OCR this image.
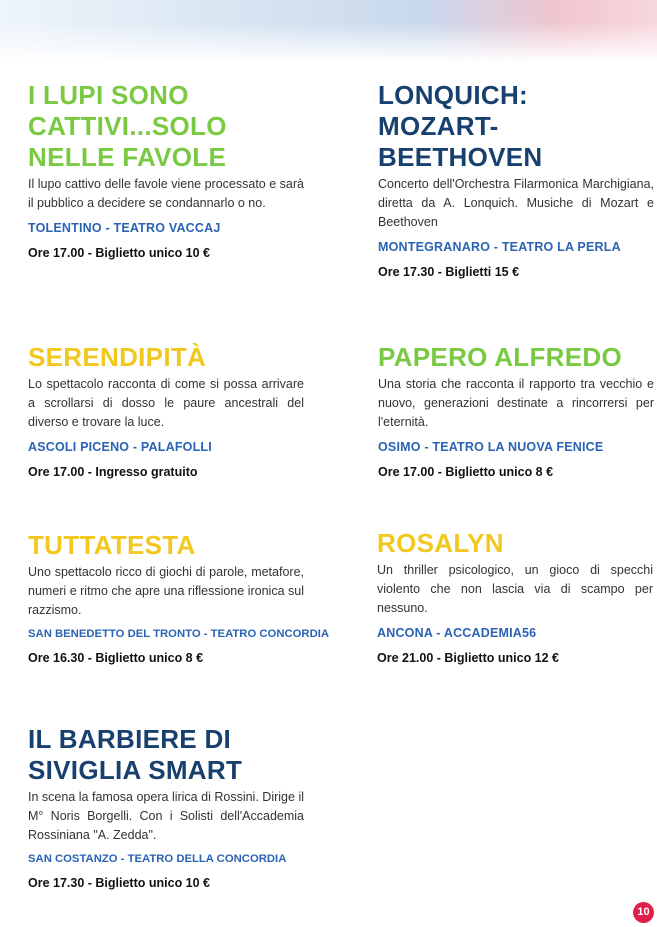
I LUPI SONO
CATTIVI...SOLO
NELLE FAVOLE

Il lupo cattivo delle favole viene processato e sarà il pubblico a decidere se condannarlo o no.

TOLENTINO - TEATRO VACCAJ
Ore 17.00 - Biglietto unico 10 €
LONQUICH:
MOZART-
BEETHOVEN

Concerto dell'Orchestra Filarmonica Marchigiana, diretta da A. Lonquich. Musiche di Mozart e Beethoven

MONTEGRANARO - TEATRO LA PERLA
Ore 17.30 - Biglietti 15 €
SERENDIPITÀ

Lo spettacolo racconta di come si possa arrivare a scrollarsi di dosso le paure ancestrali del diverso e trovare la luce.

ASCOLI PICENO - PALAFOLLI
Ore 17.00 - Ingresso gratuito
PAPERO ALFREDO

Una storia che racconta il rapporto tra vecchio e nuovo, generazioni destinate a rincorrersi per l'eternità.

OSIMO - TEATRO LA NUOVA FENICE
Ore 17.00 - Biglietto unico 8 €
TUTTATESTA

Uno spettacolo ricco di giochi di parole, metafore, numeri e ritmo che apre una riflessione ironica sul razzismo.

SAN BENEDETTO DEL TRONTO - TEATRO CONCORDIA
Ore 16.30 - Biglietto unico 8 €
ROSALYN

Un thriller psicologico, un gioco di specchi violento che non lascia via di scampo per nessuno.

ANCONA - ACCADEMIA56
Ore 21.00 - Biglietto unico 12 €
IL BARBIERE DI
SIVIGLIA SMART

In scena la famosa opera lirica di Rossini. Dirige il M° Noris Borgelli. Con i Solisti dell'Accademia Rossiniana "A. Zedda".

SAN COSTANZO - TEATRO DELLA CONCORDIA
Ore 17.30 - Biglietto unico 10 €
10
